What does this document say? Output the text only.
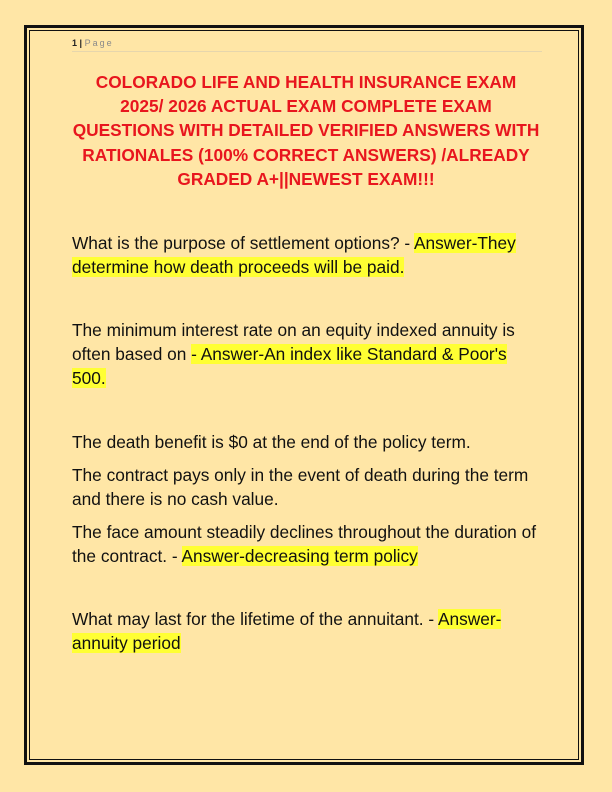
1 | Page
COLORADO LIFE AND HEALTH INSURANCE EXAM 2025/ 2026 ACTUAL EXAM COMPLETE EXAM QUESTIONS WITH DETAILED VERIFIED ANSWERS WITH RATIONALES (100% CORRECT ANSWERS) /ALREADY GRADED A+||NEWEST EXAM!!!

What is the purpose of settlement options? - Answer-They determine how death proceeds will be paid.

The minimum interest rate on an equity indexed annuity is often based on - Answer-An index like Standard & Poor's 500.

The death benefit is $0 at the end of the policy term.

The contract pays only in the event of death during the term and there is no cash value.

The face amount steadily declines throughout the duration of the contract. - Answer-decreasing term policy

What may last for the lifetime of the annuitant. - Answer-annuity period
